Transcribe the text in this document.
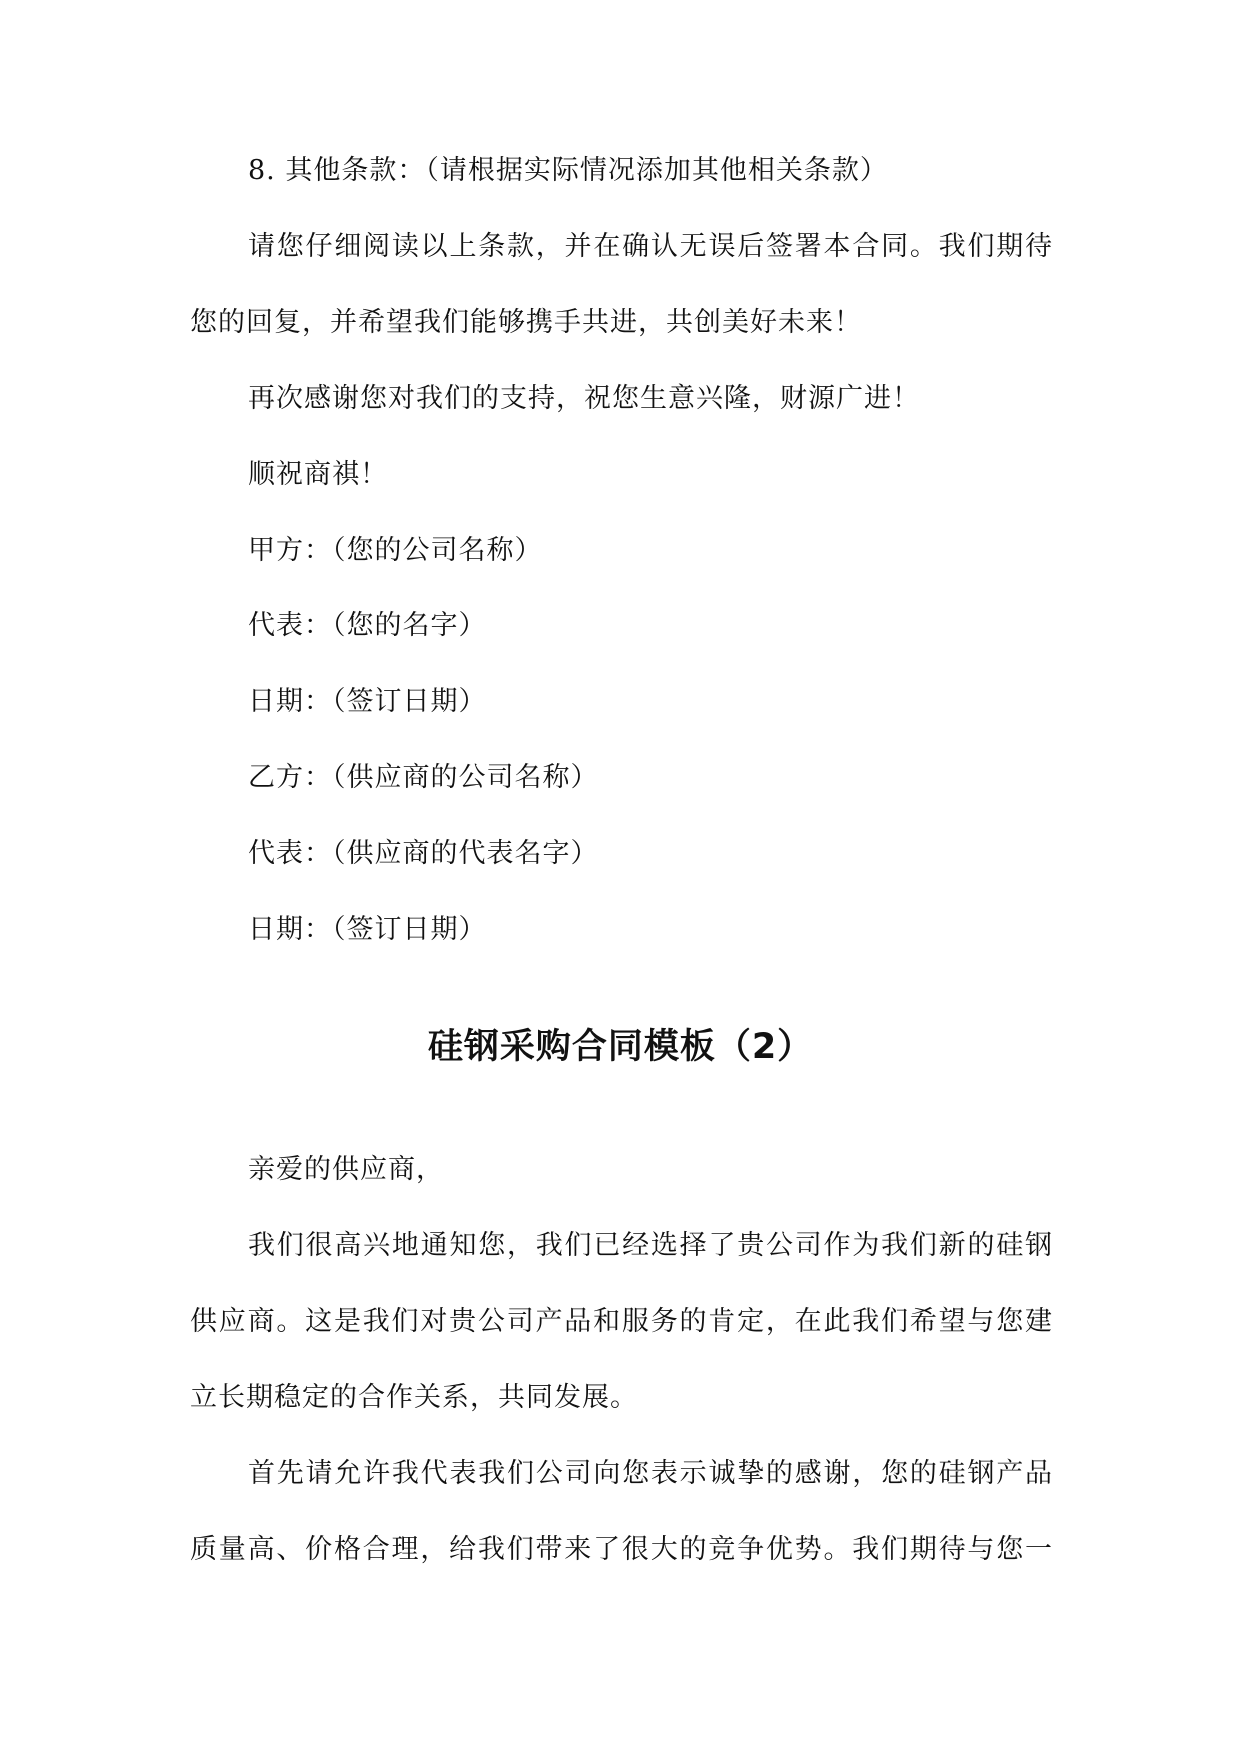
8. 其他条款：（请根据实际情况添加其他相关条款）
请您仔细阅读以上条款，并在确认无误后签署本合同。我们期待
您的回复，并希望我们能够携手共进，共创美好未来！
再次感谢您对我们的支持，祝您生意兴隆，财源广进！
顺祝商祺！
甲方：（您的公司名称）
代表：（您的名字）
日期：（签订日期）
乙方：（供应商的公司名称）
代表：（供应商的代表名字）
日期：（签订日期）
硅钢采购合同模板（2）
亲爱的供应商，
我们很高兴地通知您，我们已经选择了贵公司作为我们新的硅钢
供应商。这是我们对贵公司产品和服务的肯定，在此我们希望与您建
立长期稳定的合作关系，共同发展。
首先请允许我代表我们公司向您表示诚挚的感谢，您的硅钢产品
质量高、价格合理，给我们带来了很大的竞争优势。我们期待与您一
